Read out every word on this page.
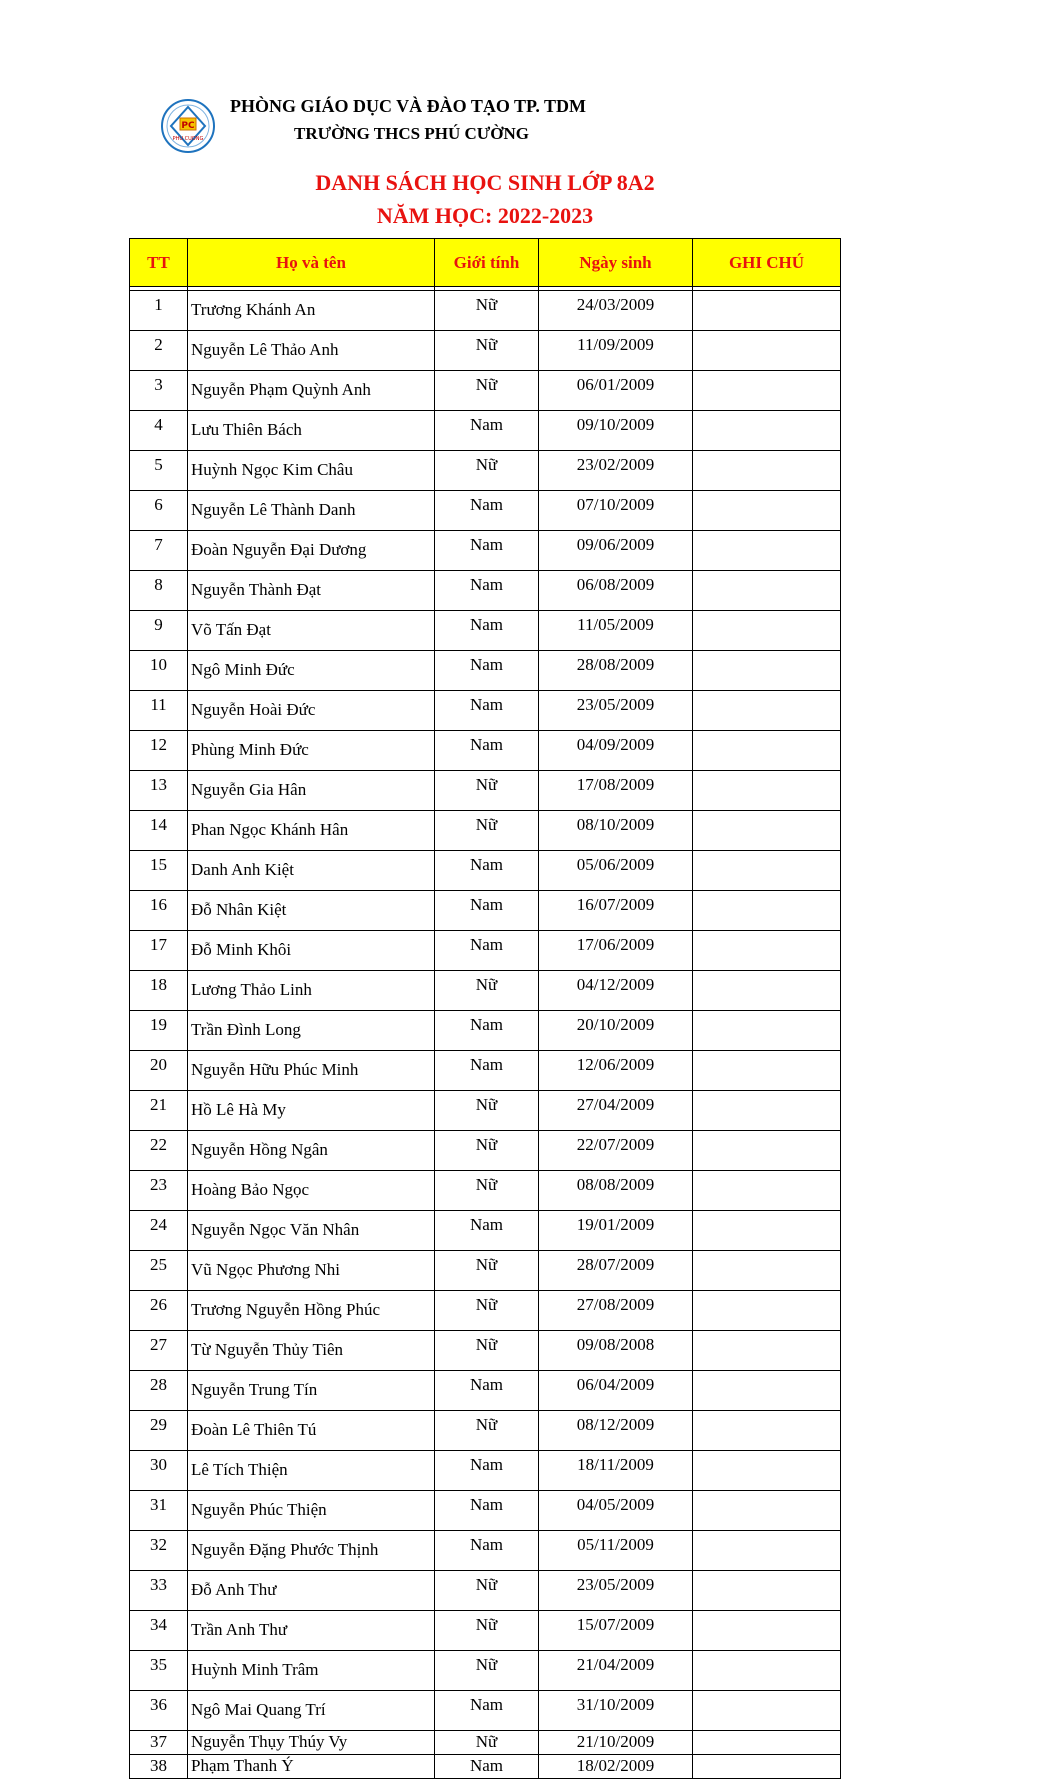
PC
PHU CUONG
PHÒNG GIÁO DỤC VÀ ĐÀO TẠO TP. TDM
TRƯỜNG THCS PHÚ CƯỜNG
DANH SÁCH HỌC SINH LỚP 8A2
NĂM HỌC: 2022-2023
TT	Họ và tên	Giới tính	Ngày sinh	GHI CHÚ

1	Trương Khánh An	Nữ	24/03/2009	
2	Nguyễn Lê Thảo Anh	Nữ	11/09/2009	
3	Nguyễn Phạm Quỳnh Anh	Nữ	06/01/2009	
4	Lưu Thiên Bách	Nam	09/10/2009	
5	Huỳnh Ngọc Kim Châu	Nữ	23/02/2009	
6	Nguyễn Lê Thành Danh	Nam	07/10/2009	
7	Đoàn Nguyễn Đại Dương	Nam	09/06/2009	
8	Nguyễn Thành Đạt	Nam	06/08/2009	
9	Võ Tấn Đạt	Nam	11/05/2009	
10	Ngô Minh Đức	Nam	28/08/2009	
11	Nguyễn Hoài Đức	Nam	23/05/2009	
12	Phùng Minh Đức	Nam	04/09/2009	
13	Nguyễn Gia Hân	Nữ	17/08/2009	
14	Phan Ngọc Khánh Hân	Nữ	08/10/2009	
15	Danh Anh Kiệt	Nam	05/06/2009	
16	Đỗ Nhân Kiệt	Nam	16/07/2009	
17	Đỗ Minh Khôi	Nam	17/06/2009	
18	Lương Thảo Linh	Nữ	04/12/2009	
19	Trần Đình Long	Nam	20/10/2009	
20	Nguyễn Hữu Phúc Minh	Nam	12/06/2009	
21	Hồ Lê Hà My	Nữ	27/04/2009	
22	Nguyễn Hồng Ngân	Nữ	22/07/2009	
23	Hoàng Bảo Ngọc	Nữ	08/08/2009	
24	Nguyễn Ngọc Văn Nhân	Nam	19/01/2009	
25	Vũ Ngọc Phương Nhi	Nữ	28/07/2009	
26	Trương Nguyễn Hồng Phúc	Nữ	27/08/2009	
27	Từ Nguyễn Thủy Tiên	Nữ	09/08/2008	
28	Nguyễn Trung Tín	Nam	06/04/2009	
29	Đoàn Lê Thiên Tú	Nữ	08/12/2009	
30	Lê Tích Thiện	Nam	18/11/2009	
31	Nguyễn Phúc Thiện	Nam	04/05/2009	
32	Nguyễn Đặng Phước Thịnh	Nam	05/11/2009	
33	Đỗ Anh Thư	Nữ	23/05/2009	
34	Trần Anh Thư	Nữ	15/07/2009	
35	Huỳnh Minh Trâm	Nữ	21/04/2009	
36	Ngô Mai Quang Trí	Nam	31/10/2009	
37	Nguyễn Thụy Thúy Vy	Nữ	21/10/2009	
38	Phạm Thanh Ý	Nam	18/02/2009	
